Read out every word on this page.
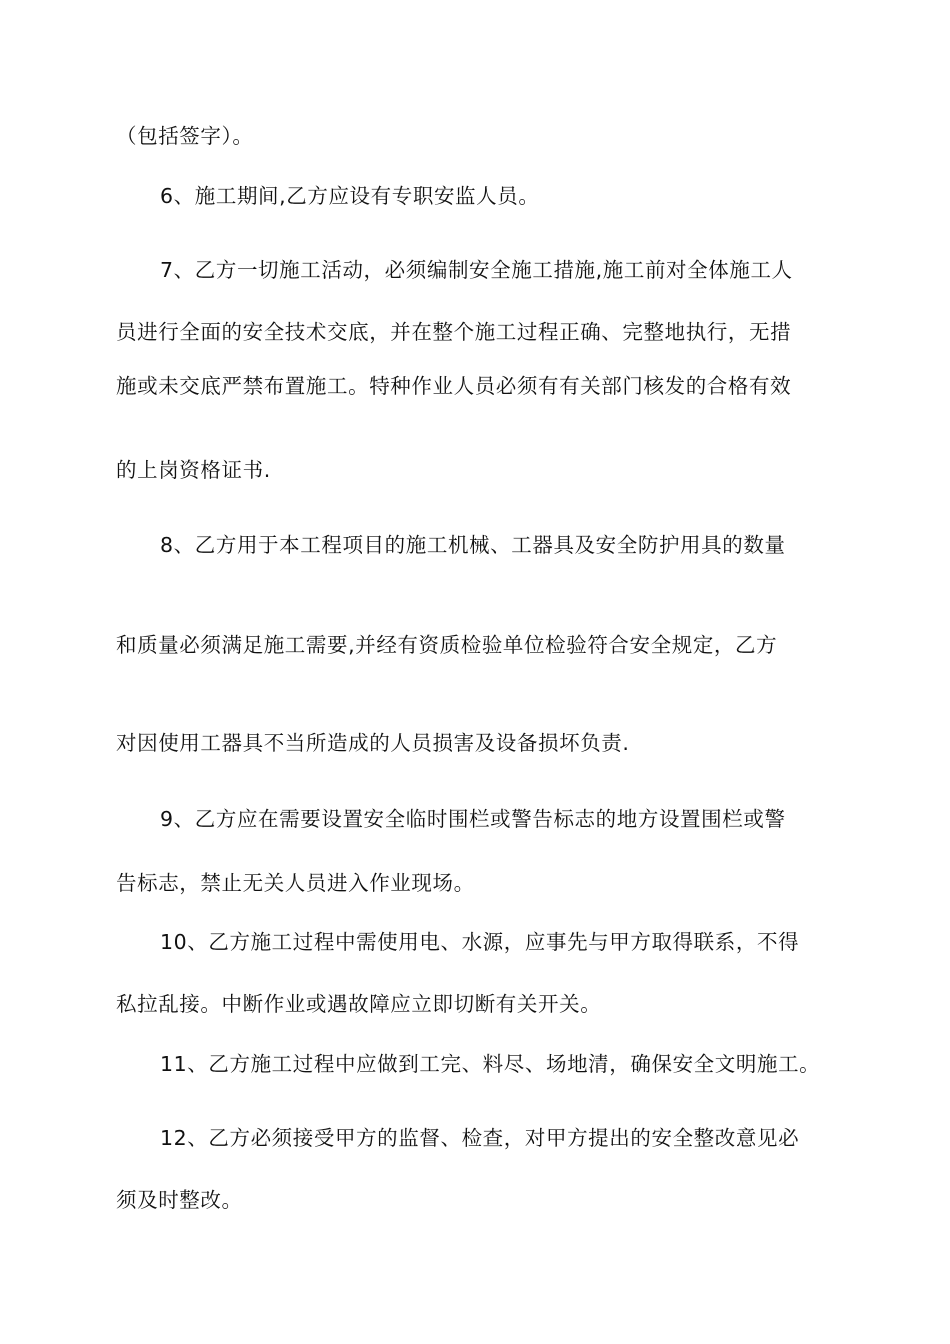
（包括签字）。
6、施工期间,乙方应设有专职安监人员。
7、乙方一切施工活动，必须编制安全施工措施,施工前对全体施工人
员进行全面的安全技术交底，并在整个施工过程正确、完整地执行，无措
施或未交底严禁布置施工。特种作业人员必须有有关部门核发的合格有效
的上岗资格证书.
8、乙方用于本工程项目的施工机械、工器具及安全防护用具的数量
和质量必须满足施工需要,并经有资质检验单位检验符合安全规定，乙方
对因使用工器具不当所造成的人员损害及设备损坏负责.
9、乙方应在需要设置安全临时围栏或警告标志的地方设置围栏或警
告标志，禁止无关人员进入作业现场。
10、乙方施工过程中需使用电、水源，应事先与甲方取得联系，不得
私拉乱接。中断作业或遇故障应立即切断有关开关。
11、乙方施工过程中应做到工完、料尽、场地清，确保安全文明施工。
12、乙方必须接受甲方的监督、检查，对甲方提出的安全整改意见必
须及时整改。
